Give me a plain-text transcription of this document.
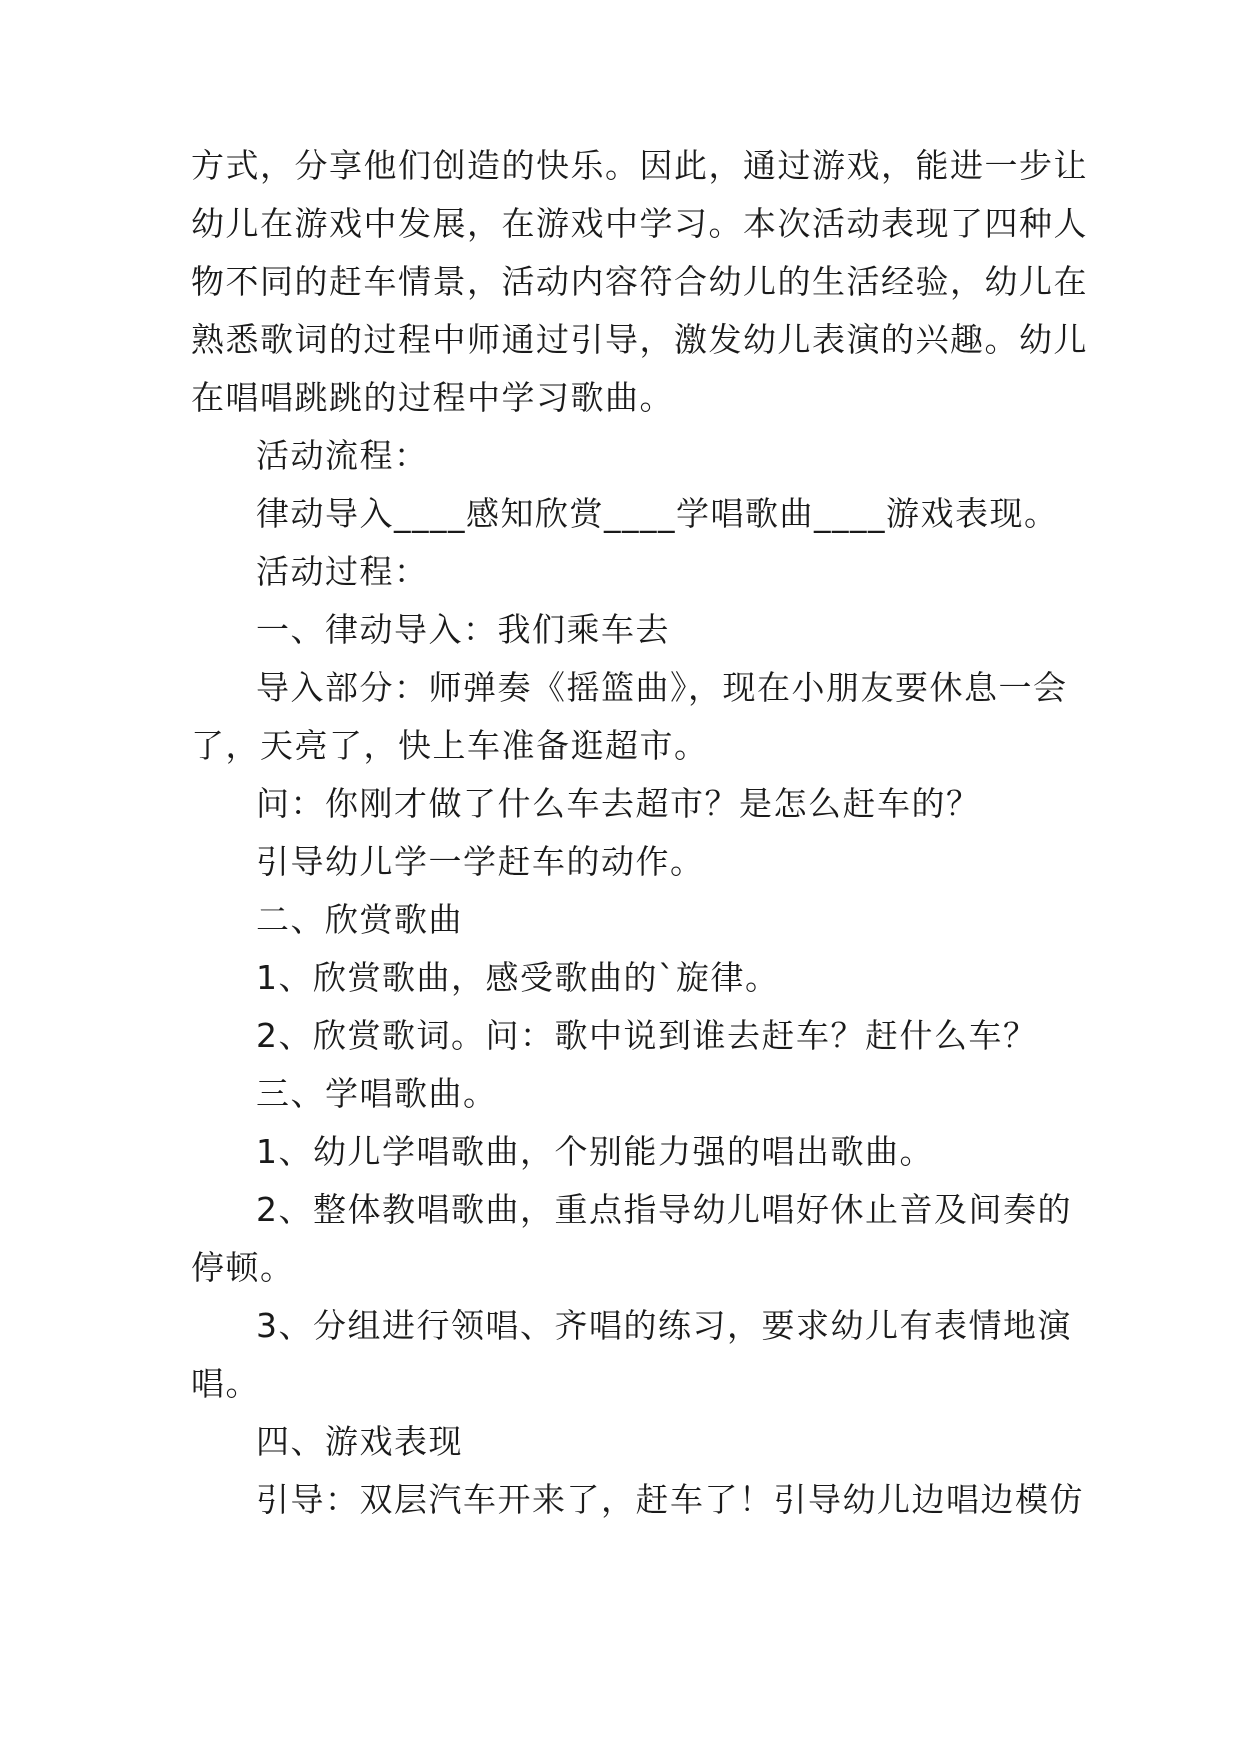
方式，分享他们创造的快乐。因此，通过游戏，能进一步让
幼儿在游戏中发展，在游戏中学习。本次活动表现了四种人
物不同的赶车情景，活动内容符合幼儿的生活经验，幼儿在
熟悉歌词的过程中师通过引导，激发幼儿表演的兴趣。幼儿
在唱唱跳跳的过程中学习歌曲。
活动流程：
律动导入____感知欣赏____学唱歌曲____游戏表现。
活动过程：
一、律动导入：我们乘车去
导入部分：师弹奏《摇篮曲》，现在小朋友要休息一会
了，天亮了，快上车准备逛超市。
问：你刚才做了什么车去超市？是怎么赶车的？
引导幼儿学一学赶车的动作。
二、欣赏歌曲
1、欣赏歌曲，感受歌曲的`旋律。
2、欣赏歌词。问：歌中说到谁去赶车？赶什么车？
三、学唱歌曲。
1、幼儿学唱歌曲，个别能力强的唱出歌曲。
2、整体教唱歌曲，重点指导幼儿唱好休止音及间奏的
停顿。
3、分组进行领唱、齐唱的练习，要求幼儿有表情地演
唱。
四、游戏表现
引导：双层汽车开来了，赶车了！引导幼儿边唱边模仿
